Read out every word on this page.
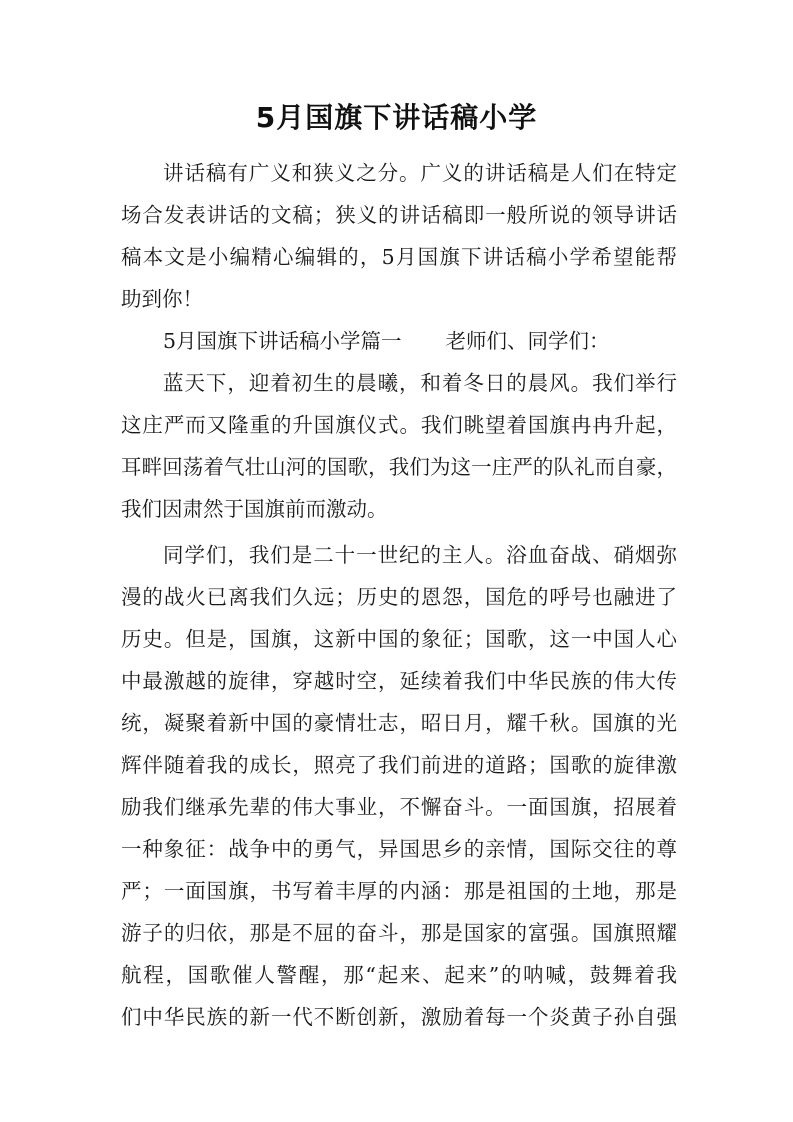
5月国旗下讲话稿小学
讲话稿有广义和狭义之分。广义的讲话稿是人们在特定
场合发表讲话的文稿；狭义的讲话稿即一般所说的领导讲话
稿本文是小编精心编辑的，5月国旗下讲话稿小学希望能帮
助到你！
5月国旗下讲话稿小学篇一 老师们、同学们：
蓝天下，迎着初生的晨曦，和着冬日的晨风。我们举行
这庄严而又隆重的升国旗仪式。我们眺望着国旗冉冉升起，
耳畔回荡着气壮山河的国歌，我们为这一庄严的队礼而自豪，
我们因肃然于国旗前而激动。
同学们，我们是二十一世纪的主人。浴血奋战、硝烟弥
漫的战火已离我们久远；历史的恩怨，国危的呼号也融进了
历史。但是，国旗，这新中国的象征；国歌，这一中国人心
中最激越的旋律，穿越时空，延续着我们中华民族的伟大传
统，凝聚着新中国的豪情壮志，昭日月，耀千秋。国旗的光
辉伴随着我的成长，照亮了我们前进的道路；国歌的旋律激
励我们继承先辈的伟大事业，不懈奋斗。一面国旗，招展着
一种象征：战争中的勇气，异国思乡的亲情，国际交往的尊
严；一面国旗，书写着丰厚的内涵：那是祖国的土地，那是
游子的归依，那是不屈的奋斗，那是国家的富强。国旗照耀
航程，国歌催人警醒，那“起来、起来”的呐喊，鼓舞着我
们中华民族的新一代不断创新，激励着每一个炎黄子孙自强
